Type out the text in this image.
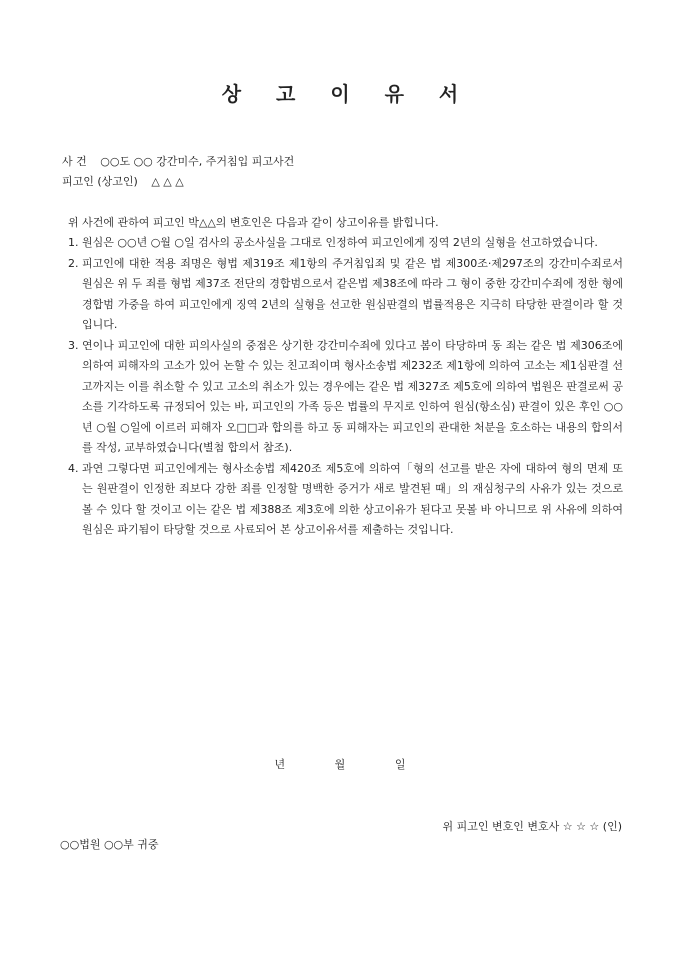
상 고 이 유 서
사 건 ○○도 ○○ 강간미수, 주거침입 피고사건
피고인 (상고인) △ △ △
위 사건에 관하여 피고인 박△△의 변호인은 다음과 같이 상고이유를 밝힙니다.
1. 원심은 ○○년 ○월 ○일 검사의 공소사실을 그대로 인정하여 피고인에게 징역 2년의 실형을 선고하였습니다.
2. 피고인에 대한 적용 죄명은 형법 제319조 제1항의 주거침입죄 및 같은 법 제300조·제297조의 강간미수죄로서 원심은 위 두 죄를 형법 제37조 전단의 경합범으로서 같은법 제38조에 따라 그 형이 중한 강간미수죄에 정한 형에 경합범 가중을 하여 피고인에게 징역 2년의 실형을 선고한 원심판결의 법률적용은 지극히 타당한 판결이라 할 것입니다.
3. 연이나 피고인에 대한 피의사실의 중점은 상기한 강간미수죄에 있다고 봄이 타당하며 동 죄는 같은 법 제306조에 의하여 피해자의 고소가 있어 논할 수 있는 친고죄이며 형사소송법 제232조 제1항에 의하여 고소는 제1심판결 선고까지는 이를 취소할 수 있고 고소의 취소가 있는 경우에는 같은 법 제327조 제5호에 의하여 법원은 판결로써 공소를 기각하도록 규정되어 있는 바, 피고인의 가족 등은 법률의 무지로 인하여 원심(항소심) 판결이 있은 후인 ○○년 ○월 ○일에 이르러 피해자 오□□과 합의를 하고 동 피해자는 피고인의 관대한 처분을 호소하는 내용의 합의서를 작성, 교부하였습니다(별첨 합의서 참조).
4. 과연 그렇다면 피고인에게는 형사소송법 제420조 제5호에 의하여「형의 선고를 받은 자에 대하여 형의 면제 또는 원판결이 인정한 죄보다 강한 죄를 인정할 명백한 증거가 새로 발견된 때」의 재심청구의 사유가 있는 것으로 볼 수 있다 할 것이고 이는 같은 법 제388조 제3호에 의한 상고이유가 된다고 못볼 바 아니므로 위 사유에 의하여 원심은 파기됨이 타당할 것으로 사료되어 본 상고이유서를 제출하는 것입니다.
년	월	일
위 피고인 변호인 변호사 ☆ ☆ ☆ (인)
○○법원 ○○부 귀중
